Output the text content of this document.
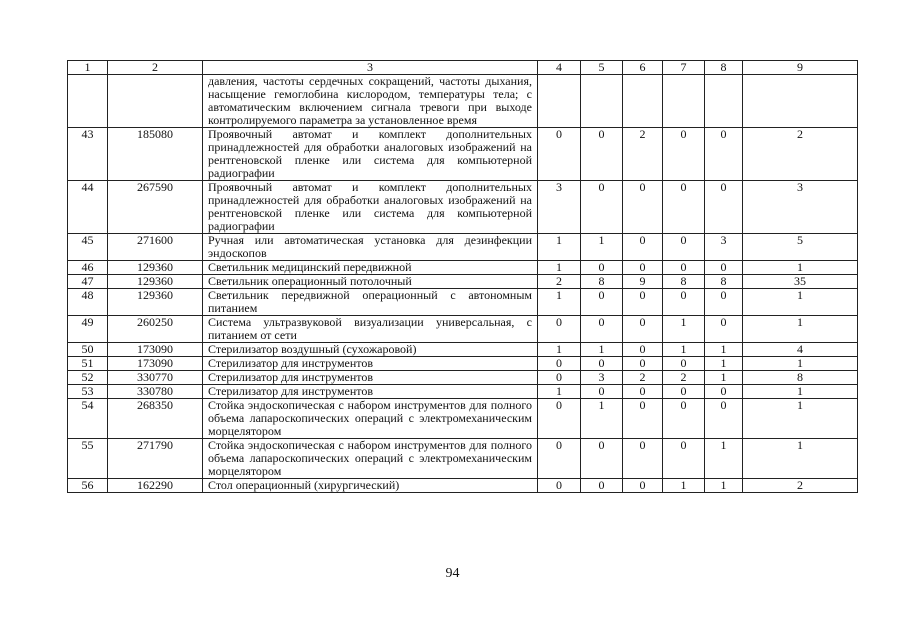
1	2	3	4	5	6	7	8	9
		давления, частоты сердечных сокращений, частоты дыхания, насыщение гемоглобина кислородом, температуры тела; с автоматическим включением сигнала тревоги при выходе контролируемого параметра за установленное время						
43	185080	Проявочный автомат и комплект дополнительных принадлежностей для обработки аналоговых изображений на рентгеновской пленке или система для компьютерной радиографии	0	0	2	0	0	2
44	267590	Проявочный автомат и комплект дополнительных принадлежностей для обработки аналоговых изображений на рентгеновской пленке или система для компьютерной радиографии	3	0	0	0	0	3
45	271600	Ручная или автоматическая установка для дезинфекции эндоскопов	1	1	0	0	3	5
46	129360	Светильник медицинский передвижной	1	0	0	0	0	1
47	129360	Светильник операционный потолочный	2	8	9	8	8	35
48	129360	Светильник передвижной операционный с автономным питанием	1	0	0	0	0	1
49	260250	Система ультразвуковой визуализации универсальная, с питанием от сети	0	0	0	1	0	1
50	173090	Стерилизатор воздушный (сухожаровой)	1	1	0	1	1	4
51	173090	Стерилизатор для инструментов	0	0	0	0	1	1
52	330770	Стерилизатор для инструментов	0	3	2	2	1	8
53	330780	Стерилизатор для инструментов	1	0	0	0	0	1
54	268350	Стойка эндоскопическая с набором инструментов для полного объема лапароскопических операций с электромеханическим морцелятором	0	1	0	0	0	1
55	271790	Стойка эндоскопическая с набором инструментов для полного объема лапароскопических операций с электромеханическим морцелятором	0	0	0	0	1	1
56	162290	Стол операционный (хирургический)	0	0	0	1	1	2
94
